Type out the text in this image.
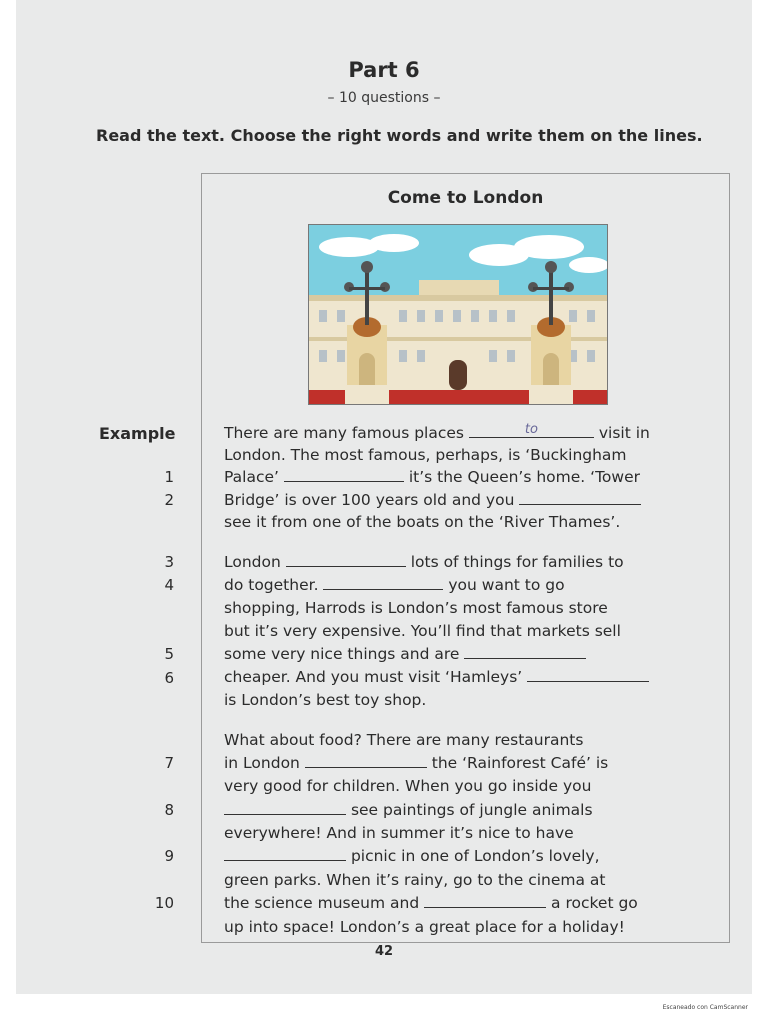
Part 6
– 10 questions –
Read the text. Choose the right words and write them on the lines.
Come to London
Example
1
2
3
4
5
6
7
8
9
10
There are many famous places	to	visit in
London. The most famous, perhaps, is ‘Buckingham
Palace’	it’s the Queen’s home. ‘Tower
Bridge’ is over 100 years old and you
see it from one of the boats on the ‘River Thames’.
London	lots of things for families to
do together.	you want to go
shopping, Harrods is London’s most famous store
but it’s very expensive. You’ll find that markets sell
some very nice things and are
cheaper. And you must visit ‘Hamleys’
is London’s best toy shop.
What about food? There are many restaurants
in London	the ‘Rainforest Café’ is
very good for children. When you go inside you
see paintings of jungle animals
everywhere! And in summer it’s nice to have
picnic in one of London’s lovely,
green parks. When it’s rainy, go to the cinema at
the science museum and	a rocket go
up into space! London’s a great place for a holiday!
42
Escaneado con CamScanner
